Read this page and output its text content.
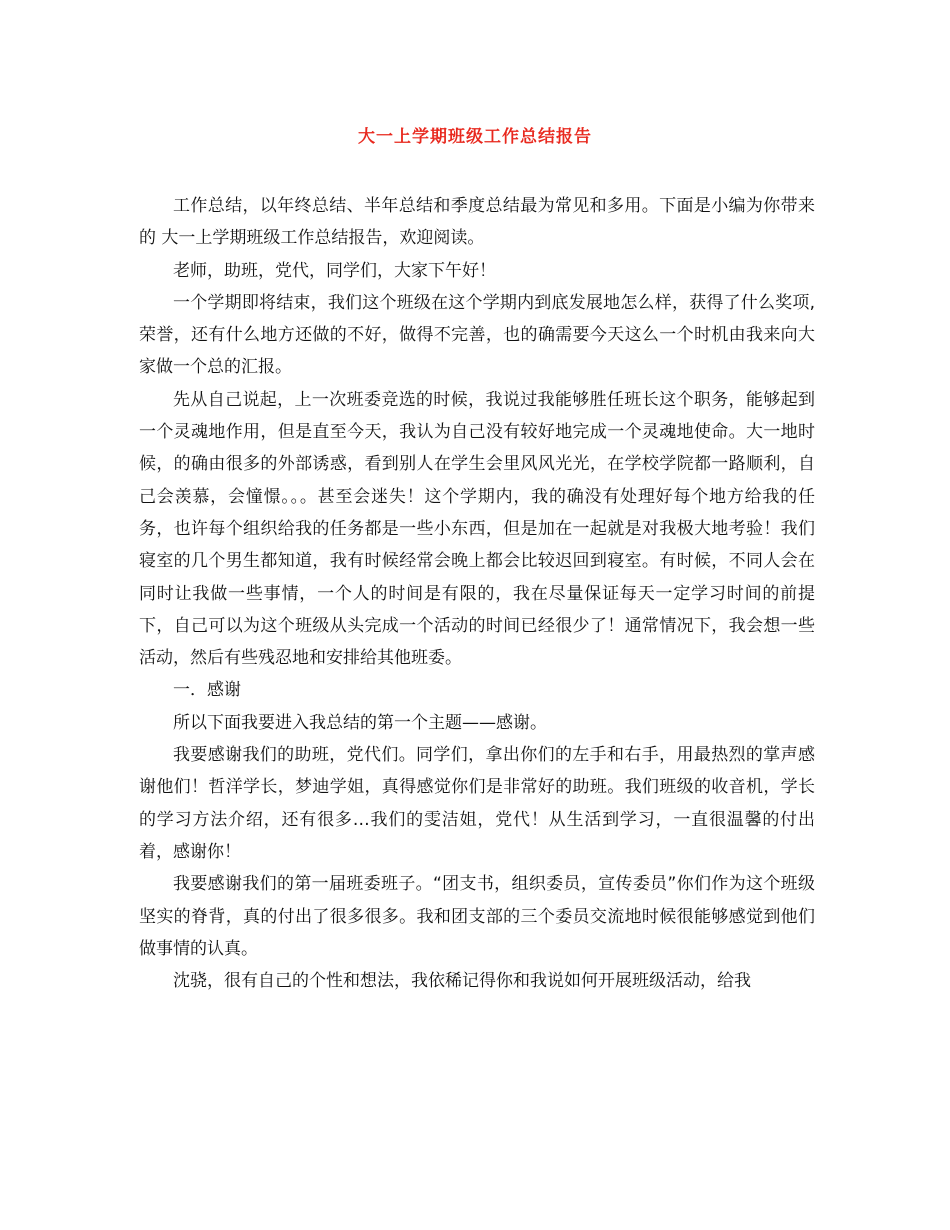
大一上学期班级工作总结报告

工作总结，以年终总结、半年总结和季度总结最为常见和多用。下面是小编为你带来的 大一上学期班级工作总结报告，欢迎阅读。

老师，助班，党代，同学们，大家下午好！

一个学期即将结束，我们这个班级在这个学期内到底发展地怎么样，获得了什么奖项,荣誉，还有什么地方还做的不好，做得不完善，也的确需要今天这么一个时机由我来向大家做一个总的汇报。

先从自己说起，上一次班委竞选的时候，我说过我能够胜任班长这个职务，能够起到一个灵魂地作用，但是直至今天，我认为自己没有较好地完成一个灵魂地使命。大一地时候，的确由很多的外部诱惑，看到别人在学生会里风风光光，在学校学院都一路顺利，自己会羡慕，会憧憬。。。甚至会迷失！这个学期内，我的确没有处理好每个地方给我的任务，也许每个组织给我的任务都是一些小东西，但是加在一起就是对我极大地考验！我们寝室的几个男生都知道，我有时候经常会晚上都会比较迟回到寝室。有时候，不同人会在同时让我做一些事情，一个人的时间是有限的，我在尽量保证每天一定学习时间的前提下，自己可以为这个班级从头完成一个活动的时间已经很少了！通常情况下，我会想一些活动，然后有些残忍地和安排给其他班委。

一．感谢

所以下面我要进入我总结的第一个主题——感谢。

我要感谢我们的助班，党代们。同学们，拿出你们的左手和右手，用最热烈的掌声感谢他们！哲洋学长，梦迪学姐，真得感觉你们是非常好的助班。我们班级的收音机，学长的学习方法介绍，还有很多…我们的雯洁姐，党代！从生活到学习，一直很温馨的付出着，感谢你！

我要感谢我们的第一届班委班子。“团支书，组织委员，宣传委员”你们作为这个班级坚实的脊背，真的付出了很多很多。我和团支部的三个委员交流地时候很能够感觉到他们做事情的认真。

沈骁，很有自己的个性和想法，我依稀记得你和我说如何开展班级活动，给我
